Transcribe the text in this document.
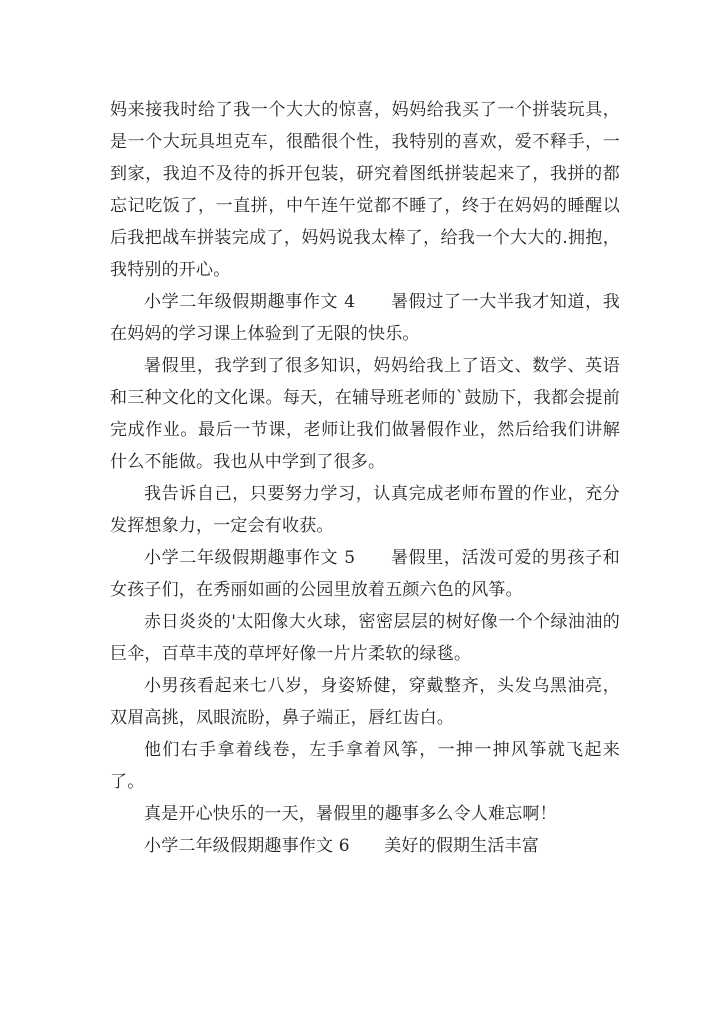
妈来接我时给了我一个大大的惊喜，妈妈给我买了一个拼装玩具，是一个大玩具坦克车，很酷很个性，我特别的喜欢，爱不释手，一到家，我迫不及待的拆开包装，研究着图纸拼装起来了，我拼的都忘记吃饭了，一直拼，中午连午觉都不睡了，终于在妈妈的睡醒以后我把战车拼装完成了，妈妈说我太棒了，给我一个大大的.拥抱，我特别的开心。

小学二年级假期趣事作文 4　　暑假过了一大半我才知道，我在妈妈的学习课上体验到了无限的快乐。

暑假里，我学到了很多知识，妈妈给我上了语文、数学、英语和三种文化的文化课。每天，在辅导班老师的`鼓励下，我都会提前完成作业。最后一节课，老师让我们做暑假作业，然后给我们讲解什么不能做。我也从中学到了很多。

我告诉自己，只要努力学习，认真完成老师布置的作业，充分发挥想象力，一定会有收获。

小学二年级假期趣事作文 5　　暑假里，活泼可爱的男孩子和女孩子们，在秀丽如画的公园里放着五颜六色的风筝。

赤日炎炎的'太阳像大火球，密密层层的树好像一个个绿油油的巨伞，百草丰茂的草坪好像一片片柔软的绿毯。

小男孩看起来七八岁，身姿矫健，穿戴整齐，头发乌黑油亮，双眉高挑，凤眼流盼，鼻子端正，唇红齿白。

他们右手拿着线卷，左手拿着风筝，一抻一抻风筝就飞起来了。

真是开心快乐的一天，暑假里的趣事多么令人难忘啊！

小学二年级假期趣事作文 6　　美好的假期生活丰富
